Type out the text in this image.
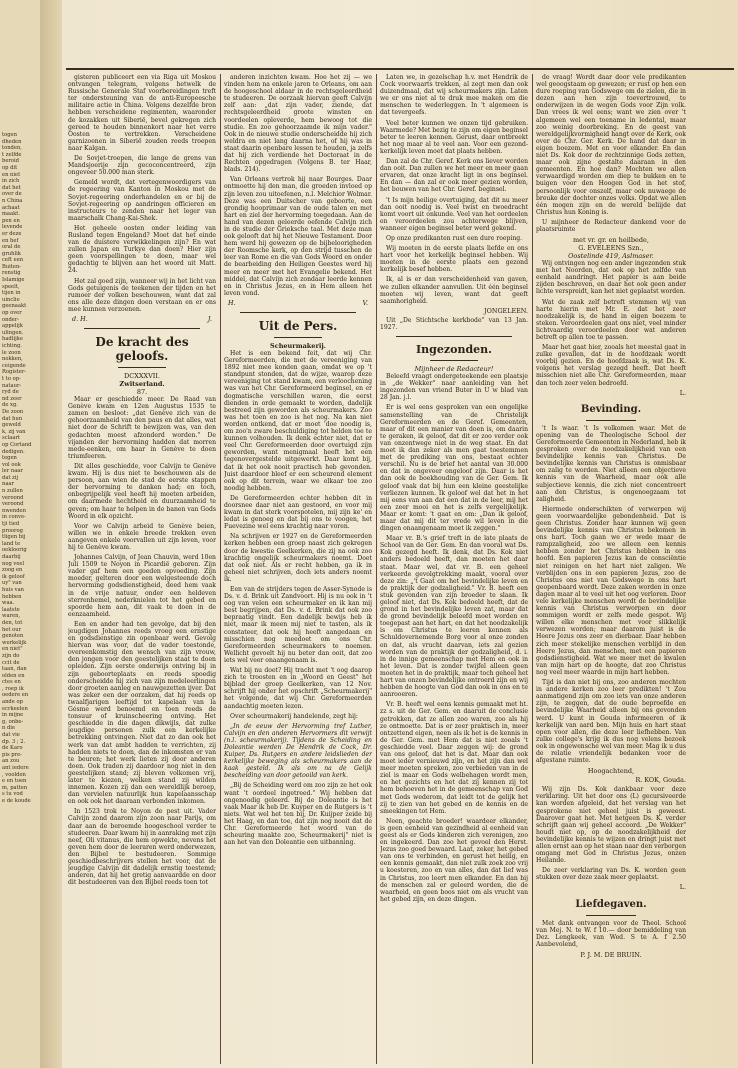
togen
dheden
tonden,
t zelfde
beroid
op dit
en niet
in zich
dat het
over de
n China
achaat
maakt.
pen en
levende
er deze
en hef
oral de
gruhlik
ceft een
Buiten-
renstig
Islamige
speelt,
tijen in
uinclie
geenaakt
op over
onder-
appelijk
ulingen.
hadlijke
ichting.
le zoon
nokken,
ceigende
Rogister-
t to op-
nataur-
ryd de
nd zeer
de xg.
De zoon
dat hun
geweld
k, zij van
sclaart
op Cortand
dedigen.
tegen
vol ook
ler naar
dat zij
naar
n zullen
veroond
veroond
nwenden
in conve-
tji tied
proorog
tligen bij
land te
oekloorig
daarbij
nog veel
zoog en
ik geloof
uy" van
huis van
hebben
waa.
laatste
waren,
den, tot
het our
genoten
werkelijk
en niet"
zijn do
ccit de
taan, dan
olden en
ctes en
, roep ik
oedere en
ande op
ecrkeelen
in mijne
g, onbe-
n die
dat vie
dp. 3 ; 2.
de Karo
pis pre-
an zou
ant iedere
, voolden
e en toen
m, patten
s tu vod
e de koude

gisteren publiceert een via Riga uit Moskou ontvangen telegram, volgens hetwelk de Russische Generale Staf voorbereidingen treft ter ondersteuning van de anti-Europeesche militaire actie in China. Volgens dezelfde bron hebben verscheidene regimenten, waaronder de kozakken uit Siberië, bevel gekregen zich gereed te houden binnenkort naar het verre Oosten te vertrekken. Verscheidene garnizoenen in Siberië zouden reeds troepen naar Kalgan.

De Sovjet-troepen, die lange de grens van Mandsjoerije zijn gecoconcentreerd, zijn ongeveer 50.000 man sterk.

Gemeld wordt, dat vertegenwoordigers van de regeering van Kanton in Moskou met de Sovjet-regeering onderhandelen en er bij de Sovjet-regeering op aandringen officieren en instructeurs te zenden naar het leger van maarschalk Chang-Kai-Shek.

Het geheele oosten onder leiding van Rusland tegen Engeland? Moet dat het einde van de duistere verwikkelingen zijn? En wat zullen Japan en Turkye dan doen? Hier zijn geen voorspellingen te doen, maar wel gedachtig te blijven aan het woord uit Matt. 24.

Het zal goed zijn, wanneer wij in het licht van Gods getuigenis de teekenen der tijden en het rumoer der volken beschouwen, want dat zal ons alle deze dingen doen verstaan en er ons mee kunnen verzoenen.

d. H.	J.
De kracht des geloofs.
DCXXXVII.
Zwitserland.
87.

Maar er geschiedde meer. De Raad van Genève kwam en 12en Augustus 1535 te zamen en besloot: „dat Genève zich van de gehoorzaamheid van den paus en dat alles, wat niet door de Schrift te bewijzen was, van den gedachten moest afzonderd worden." De vijanden der hervorming hadden dat morren mede-eenken, om haar in Genève te doen triumfeeren.

Dit alles geschiedde, voor Calvijn te Genève kwam. Hij is dus niet te beschouwen als de persoon, aan wien de stad de eerste stappen der hervorming te danken had; en toch, onbegrijpelijk veel heeft hij moeten arbeiden, om daarmede hechtheid en duurzaamheid te geven; om haar te helpen in de banen van Gods Woord in elk opzicht.

Voor we Calvijn arbeid te Genève beien, willen we in enkele breede trekken even aangeven enkele voorvallen uit zijn leven, voor hij te Genève kwam.

Johannes Calvijn, of Jean Chauvin, werd 10en Juli 1509 te Noyon in Picardië geboren. Zijn vader gaf hem een goeden opvoeding. Zijn moeder, gelteren door een welgesteende doch hervorming godsdienstigheid, deed hem vaak in de vrije natuur, onder een heldeven sterrenhemel, nederknielen tot het gebed en spoorde hem aan, dit vaak te doen in de eenzaamheid.

Een en ander had ten gevolge, dat bij den jeugdigen Johannes reeds vroeg een ernstige en godsdienstige zin openbaar werd. Gevolg hiervan was voor, dat de vader toestonde, overeenkomstig den wensch van zijn vrouw, den jongen voor den geestelijken staat te doen opleiden. Zijn eerste onderwijs ontving bij in zijn geboorteplaats en reeds spoedig onderscheidde hij zich van zijn medeleerlingen door groeten aanleg en nauwgezetten ijver. Dat was zeker een der oorzaken, dat hij reeds op twaalfjarigen leeftijd tot kapelaan van la Gésme werd benoemd en toen reeds de tonsuur of kruinscheering ontving. Het geschiedde in die dagen dikwijls, dat zulke jeugdige personen zulk een kerkelijke betrekking ontvingen. Niet dat zo dan ook het werk van dat ambt hadden te verrichten, zij hadden niets te doen, dan de inkomsten er van te beuren; het werk lieten zij door anderen doen. Ook traden zij daardoor nog niet in den geestelijken stand; zij bleven volkomen vrij, later te kiezen, welken stand zij wilden innemen. Kozen zij dan een wereldlijk beroep, dan vervielen natuurlijk hun kapelaansschap en ook ook het daaraan verbonden inkomen.

In 1523 trok te Noyon de pest uit. Vader Calvijn zond daarom zijn zoon naar Parijs, om daar aan de beroemde hoogeschool verder te studeeren. Daar kwam hij in aanraking met zijn neef, Oli vitanus, die hem opwekte, nevens het geven hem door de leeraren werd onderwezen, den Bijbel te bestudeeren. Sommige geschiedbeschrijvers stellen het voor, dat de jeugdige Calvijn dit dadelijk ernstig toestemd; anderen, dat hij het gretig aanvaardde en door dit bestudeeren van den Bijbel reeds toen tot

anderen inzichten kwam. Hoe het zij — we vinden hem na enkele jaren te Orleans, om aan de hoogeschool aldaar in de rechtsgeleerdheid te studeeren. De oorzaak hiervan geeft Calvijn zelf aan: „dat zijn vader, ziende, dat rechtsgeleerdheid groote winsten en voordeelen opleverde, hem bewoog tot die studie. En zoo gehoorzaamde ik mijn vader." Ook in de nieuwe studie onderscheidde hij zich weldra en niet lang daarna het, of hij was in staat daarin openbare lessen te houden, ja zelfs dat hij zich verdiende het Doctoraat in de Rechten opgedragen (Volgens B. ter Haar, blads. 214).

Van Orleans vertrok hij naar Bourges. Daar ontmoette hij den man, die groeden invloed op zijn leven zou uitoefenen, n.l. Melchior Wolmar. Deze was een Duitscher van geboorte, een grondig hooprimaar van de oude talen en met hart en ziel der hervorming toegedaan. Aan de hand van dezen geleerde oefende Calvijn zich in de studie der Grieksche taal. Met deze man ook gelooft dat hij het Nieuwe Testament. Door hem werd hij gewezen op de bijbeloorigheden der Roomsche kerk, op den strijd tusschen de leer van Rome en die van Gods Woord en onder de bearbeiding den Heiligen Geestes werd hij meer en meer met het Evangelie bekend. Het middel, dat Calvijn zich zondaar leerde kennen en in Christus Jezus, en in Hem alleen het leven vond.

H.	V.
Uit de Pers.
Scheurmakerij.

Het is een bekend feit, dat wij Chr. Gereformeerden, die met de vereeniging van 1892 niet mee konden gaan, omdat we op 't standpunt stonden, dat de wijze, waarop deze vereeniging tot stand kwam, een verloochening was van het Chr. Gereformeerd beginsel, en er dogmatische verschillen waren, die eerst dienden in orde gemaakt te worden, dadelijk bestreed zijn geworden als scheurmakers. Zoo was het toen en zoo is het nog. Na kan niet worden ontkend, dat er moet 'doe noodig is, om zoo'n zware beschuldiging tot helden toe te kunnen volhouden. Ik denk echter niet, dat er veel Chr. Gereformeerden door overtuigd zijn geworden, want menigmaal heeft het een tegenovergestelde uitgewerkt. Daar komt bij, dat ik het ook nooit practisch heb gevonden. Juist daardoor bleef er een scheurend element ook op dit terrein, waar we elkaar toe zoo noodig hebben.

De Gereformeerden echter hebben dit in doorsnee daar niet aan gestoord, en voor mij kwam in dat sterk voorspotelen, mij zijn ke' en ledat is genoeg en dat bij ons te voogen, het Fuevezine wel eens krachtig naar voren.

Na schrijven er 1927 en de Gereformeerden kerken hebben een groep naast zich gekregen door de kwestie Geelkerken, die zij na ook zoo krachtig ongelijk scheurmakers noemt. Doet dat ook niet. Als er recht hebben, ga ik in geheel niet schrijven, doch iets anders noemt ik.

Een van de strijders tegen de Asser-Synode is Ds. v. d. Brink uit Zandvoort. Hij is nu ook in 't oog van velen een scheurmaker en ik kan mij best begrijpen, dat Ds. v. d. Brink dat ook zoo bepraatig vindt. Een dadelijk bewijs heb ik niet, maar ik meen mij niet te tasten, als ik constateer, dat ook hij heeft aangedaan en misschien nog meedoet om ons Chr. Gereformeerden scheurmakers te noemen. Wellicht gevoelt hij nu beter dan ooit, dat zoo iets wel veer onaangenaam is.

Wat bij nu doet? Hij tracht met 't oog daarop zich te troosten en in „Woord en Geest" het bijblad der groep Geelkerken, van 12 Nov. schrijft hij onder het opschrift „Scheurmakerij" het volgende, dat wij Chr. Gereformeerden aandachtig moeten lezen.

Over scheurmakerij handelende, zegt hij:

„In de eeuw der Hervorming tref Luther, Calvijn en den anderen Hervormers dit verwijt (n.l. scheurmakerij). Tijdens de Scheiding en Doleantie werden De Hendrik de Cock, Dr. Kuiper, Ds. Rutgers en andere leidslieden der kerkelijke beweging als scheurmakers aan de kaak gesteld. Ik als om na de Gelijk bescheiding van door getooild van kerk.

„Bij de Scheiding werd om zoo zijn ze het ook want 't oordeel ingetreed." Wij hebben dat ongenoodig geleerd. Bij de Doleantie is het vaak Maar ik heb Dr. Kuyper en de Rutgers is 't niets. Wat wel het ten bij, Dr. Kuijper zeide bij het Haag, en dan toe, dat zijn nog nooit dat de Chr. Gereformeerde het woord van de scheuring maakte zoo, Scheurmakerij" niet is aan het van den Doleantie een uitbanning.

Laten we, in gezelschap h.v. met Hendrik de Cock voorwaarts trekken, al zegt men dan ook duizendmaal, dat wij scheurmakers zijn. Laten we er ons niet al te druk mee maken om die menschen te wederleggen. In 't algemeen is dat tevergeefs.

Veel beter kunnen we onzen tijd gebruiken. Waarmede? Met bezig te zijn om eigen beginsel beter te leeren kennen. Gerust, daar ontbreekt het nog maar al te veel aan. Voor een gezond-kerkelijk leven moet dat plaats hebben.

Dan zal de Chr. Geref. Kerk ons liever worden dan ooit. Dan zullen we het meer en meer gaan ervaren, dat onze kracht ligt in ons beginsel. En dan — dan zal er ook meer gezien worden, het bouwen van het Chr. Geref. beginsel.

't Is mijn heilige overtuiging, dat dit nu meer dan ooit noodig is. Veel twist en twoedracht komt voort uit onkunde. Veel van het oordeelen en veroordeelen zou achterwege blijven, wanneer eigen beginsel beter werd gekend.

Op onze predikanten rust een dure roeping.

Wij moeten in de eerste plaats liefde en ons hart voor het kerkelijk beginsel hebben. Wij moeten in de eerste plaats een gezond kerkelijk besef hebben.

Ik, al is er dan verscheidenheid van gaven, we zullen elkander aanvullen. Uit één beginsel moeten wij leven, want dat geeft saamhorigheid.

JONGELEEN.

Uit „De Stichtsche kerkbode" van 13 Jan. 1927.

Ingezonden.
Mijnheer de Redacteur!

Beleefd vraagt ondergeteekende een plaatsje in „de Wekker" naar aanleiding van het ingezonden van vriend Buter in U w blad van 28 Jan. j.l.

Er is wel eens gesproken van een ongelijke samenstelling van de Christelijk Gereformeerden en de Geref. Gemeenten, maar of dit een manier van doen is, om daarin te geraken, ik geloof, dat dit er zoo verder ook van onzentwege niet in de weg staat. En dat moet ik dan zeker als men gaat toestemmen met de prediking van ons, bestaat echter verschil. Nu is de brief het aantal van 30.000 en dat in ongeveer ongeloof zijn. Daar is het dan ook de boekhouding van de Ger. Gem. Ik geloof vaak dat bij hun een kleine geestelijke verliezen kunnen. Ik geloof wel dat het in het mij eens van aan dat een dat in de leer, mij het een zeer mooi en het is zelfs vergelijkelijk. Maar er komt: 't gaat en om: „Dan ik geloof, maar dat mij dit ter vrede wil leven in die dingen onaangenaam moet ik zeggen."

Maar vr. B.'s grief treft in de late plaats de School van de Ger. Gem. En dan vooral wat Ds. Kok gezegd heeft. Ik denk, dat Ds. Kok niet anders bedoeld heeft, dan moeten het daar staat. Maar wel, dat vr. B. een geheel verkeerde gevolgtrekking maakt, vooral over deze zin: „'t Gaat om het bevindelijke leven en de praktijk der godzaligheid." Vr. B. heeft een stuk gevonden van zijn broeder te slaan. Ik geloof niet, dat Ds. Kok bedoeld heeft, dat de grond in het bevindelijke leven zat, maar dat de grond bevindelijk beleefd moet worden en toegepast aan het hart, en dat het noodzakelijk is om Christus te leeren kennen als Schuldovernemende Borg voor al onze zonden en dat, als vrucht daarvan, iets zal gezien worden van de praktijk der godzaligheid, d. i. in de innige gemeenschap met Hem en ook in het leven. Dat is zonder twijfel alleen geen moeten het in de praktijk, maar toch geheel het hart van onzen bevindelijke ontroerd zijn en wij hebben de hoogte van God dan ook in ons en te aanrooeren.

Vr. B. heeft wel eens kennis gemaakt met ht. zz s. uit de Ger. Gem. en daaruit de conclusie getrokken, dat ze allen zoo waren, zoo als hij ze ontmoette. Dat is er zeer praktisch in, meer ontzettend eigen, neen als ik het is de kennis in de Ger. Gem. met Hem dat is niet zooals 't geschiedde veel. Daar zeggen wij: de grond van ons geloof, dat het is dat. Maar dan ook moet ieder vernieuwd zijn, en het zijn dan wel meer moeten spreken, zoo verbieden van in de ziel is maar en Gods welbehagen wordt men, en het gezichts en het dat zij kennen zij tot hem behoeven het in de gemeenschap van God met Gods wederom, dat leidt tot de gelijk het zij te zien van het gebed en de kennis en de smeekingen tot Hem.

Neen, geachte broeder! waardeer elkander, is geen eenheid van gezindheid al eenheid van geest als er Gods kinderen zich verenigen, zoo en ingekeerd. Dan zoo het gevoel den Herst. Jezus zoo goed bewaard. Laat, zeker, het gebed van ons te verbinden, en gerust het heilig, en een kennis gemaakt, dan niet zulk zoek zoo vrij u koesteren, zoo en van alles, dan dat lief was in Christus, zoo leert men elkander. En dan bij de menschen zal er geleerd worden, die de waarheid, en geen boos niet om als vrucht van het gebed zijn, en deze dingen.

de vraag! Wordt daar door vele predikanten wel geoogstaam op gewezen; er rust op hen een dure roeping van Godswege om de zielen, die in dezen aan hen zijn toevertrouwd, te onderwijzen in de wegen Gods voor Zijn volk. Dan vrees ik wel eens; want we zien over 't algemeen wel een toename in ledental, maar zoo weinig doorbreking. En de geest van wereldgelijkvormigheid hangt over de Kerk, ook over de Chr. Ger. Kerk. De hand dat daar in eigen boezem. Met en voor elkander. En dan niet Ds. Kok door de rechtzinnige Gods zetten, maar ook zijne gestalte daaraan in den gemeenten. En hoe dan? Mochten we allen verwaardigd worden om diep te bukken en te buigen voor den Hoogen God in het stof, persoonlijk voor onszelf, maar ook nuwaege de breuke der dochter onzes volks. Opdat we allen één mogen zijn en de wereld beliijde dat Christus hun Koning is.

U mijnheer de Redacteur dankend voor de plaatsruimte

met vr. gr. en heilbede,
G. EVELEENS Szn.,
Oostelinde 419, Aslmaser.

Wij ontvingen nog een ander ingezonden stuk met het Noorden, dat ook op het zelfde van eenhald aandringt. Het papier is aan beide zijden beschreven, en daar het ook geen ander lichte verspreidt, kan het niet geplaatst worden.

Wat de zaak zelf betreft stemmen wij van harte hierin met Mr. E. dat het zeer noodzakelijk is, de hand in eigen boezem te steken. Veroordeelen gaat ons niet, veel minder lichtvaardig veroordeelen door wat anderen betreft op allen toe te passen.

Maar het gaat hier, zooals het meestal gaat in zulke gevallen, dat in de hoofdzaak wordt voorbij gezien. En de hoofdzaak is, wat Ds. K. volgens het verslag gezegd heeft. Dat heeft misschien niet alle Chr. Gereformeerden, maar dan toch zeer velen bedroefd.

L.
Bevinding.

't Is waar. 't Is volkomen waar. Met de opening van de Theologische School der Gereformeerde Gemeenten in Nederland, heb ik gesproken over de noodzakelijkheid van een bevindelijke kennis van Christus. De bevindelijke kennis van Christus is onmisbaar om zalig te worden. Niet alleen een objectieve kennis van de Waarheid, maar ook alle subjectieve kennis, die zich niet concentreert aan den Christus, is ongenoegzaam tot zaligheid.

Hiermede onderschikten of verwerpen wij geen voorwaardelijke gebondenheid. Dat is geen Christus. Zonder haar kunnen wij geen bevindelijke kennis van Christus bekomen in ons hart. Toch gaan we er wede maar de rampzaligheid, zoo we alleen een kennis hebben zonder het Christus hebben in ons hoofd. Een papieren Jezus kan de consciëntie niet reinigen en het hart niet zaligen. We verblijden ons in een papieren Jezus, zoo de Christus ons niet van Godswege in ons hart geopenbaard wordt. Deze zaken worden in onze dagen maar al te veel uit het oog verloren. Door vele kerkelijke menschen wordt de bevindelijke kennis van Christus verworpen en door sommigen wordt er zelfs mede gespot. Wij willen elke menschen met voor slikkelijk verwezen worden; maar daarom juist is de Heere Jezus ons zeer en dierbaar. Daar hebben zich meer stekelijke menschen verblijd in den Heere Jezus, dan menschen, met een papieren godsdienstigheid. Wat we meer met de kwalen van mijn hart op de hoogte, dat zoo Christus nog veel meer waarde in mijn hart hebben.

Tijd is dan niet bij ons, zoo anderen mochten in andere kerken zoo leer predikten! 't Zou aanmatigend zijn om zoo iets van onze anderen zijn, te zeggen, dat de oude beproefde en bevindelijke Waarheid alleen bij ons gevonden werd. U kunt in Gouda informeeren of ik kerkelijk van aard ben. Mijn huis en hart staat open voor allen, die deze leer liefhebben. Van zulke college's krijg ik dus nog velens bezoek ook in ongewensche wel van meer. Mag ik u dus de relatie vriendelijk bedanken voor de afgestane ruimte.

Hoogachtend,
R. KOK, Gouda.

Wij zijn Ds. Kok dankbaar voor deze verklaring. Uit het door ons (L) gecursiveerde kan worden afgeleid, dat het verslag van het gesprokene niet geheel juist is geweest. Daarover gaat het. Met hetgeen Ds. K. verder schrijft gaan wij geheel accoord. „De Wekker" houdt niet op, op de noodzakelijkheid der bevindelijke kennis te wijzen en dringt juist met allen ernst aan op het staan naar den verborgen omgang met God in Christus Jezus, onzen Heilande.

De zeer verklaring van Ds. K. worden geen stukken over deze zaak meer geplaatst.

L.
Liefdegaven.

Met dank ontvangen voor de Theol. School van Mej. N. te W. f 10.— door bemiddeling van Dez. Lengkeek, van Wed. S te A. f 2.50 Aanbevolend,

P. J. M. DE BRUIN.
